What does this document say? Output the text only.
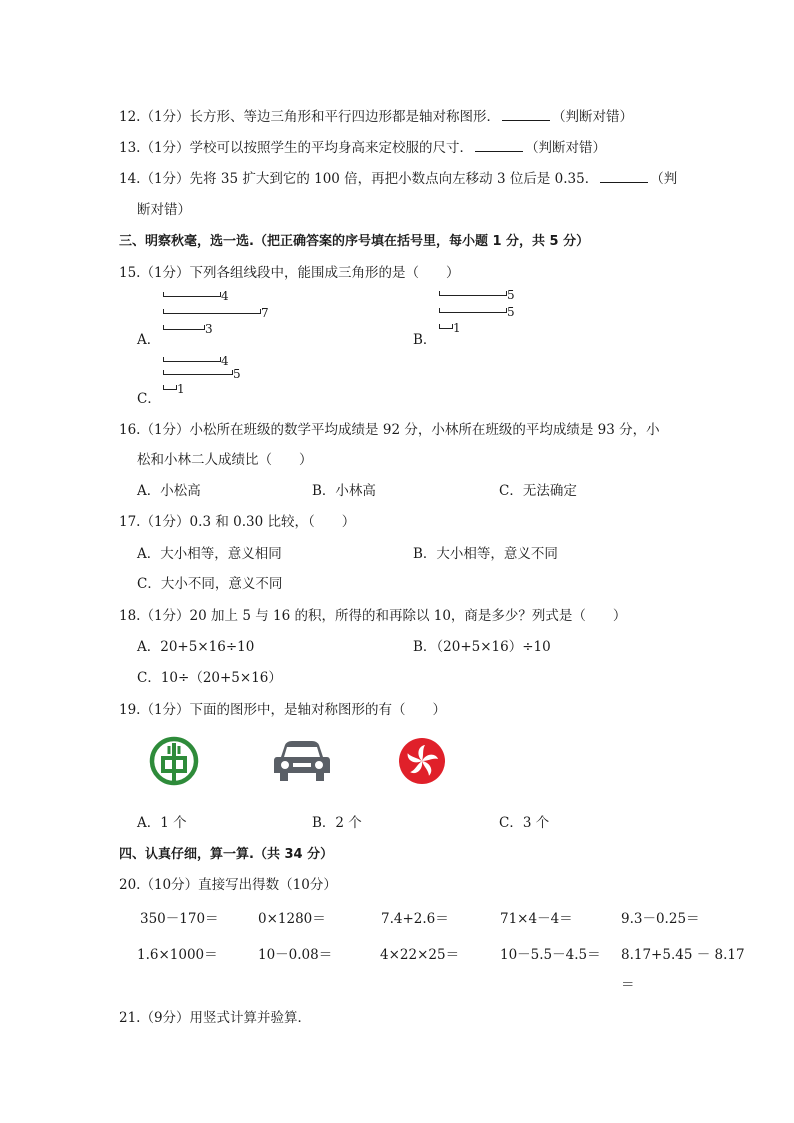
12.（1分）长方形、等边三角形和平行四边形都是轴对称图形．	（判断对错）
13.（1分）学校可以按照学生的平均身高来定校服的尺寸．	（判断对错）
14.（1分）先将 35 扩大到它的 100 倍，再把小数点向左移动 3 位后是 0.35．	（判
断对错）
三、明察秋毫，选一选.（把正确答案的序号填在括号里，每小题 1 分，共 5 分）
15.（1分）下列各组线段中，能围成三角形的是（　　）
4
7
3
A．
5
5
1
B．
4
5
1
C．
16.（1分）小松所在班级的数学平均成绩是 92 分，小林所在班级的平均成绩是 93 分，小
松和小林二人成绩比（　　）
A．小松高	B．小林高	C．无法确定
17.（1分）0.3 和 0.30 比较，（　　）
A．大小相等，意义相同	B．大小相等，意义不同
C．大小不同，意义不同
18.（1分）20 加上 5 与 16 的积，所得的和再除以 10，商是多少？列式是（　　）
A．20+5×16÷10	B．（20+5×16）÷10
C．10÷（20+5×16）
19.（1分）下面的图形中，是轴对称图形的有（　　）
A．1 个	B．2 个	C．3 个
四、认真仔细，算一算.（共 34 分）
20.（10分）直接写出得数（10分）
350－170＝	0×1280＝	7.4+2.6＝	71×4－4＝	9.3－0.25＝
1.6×1000＝	10－0.08＝	4×22×25＝	10－5.5－4.5＝ 8.17+5.45 － 8.17
＝
21.（9分）用竖式计算并验算．
